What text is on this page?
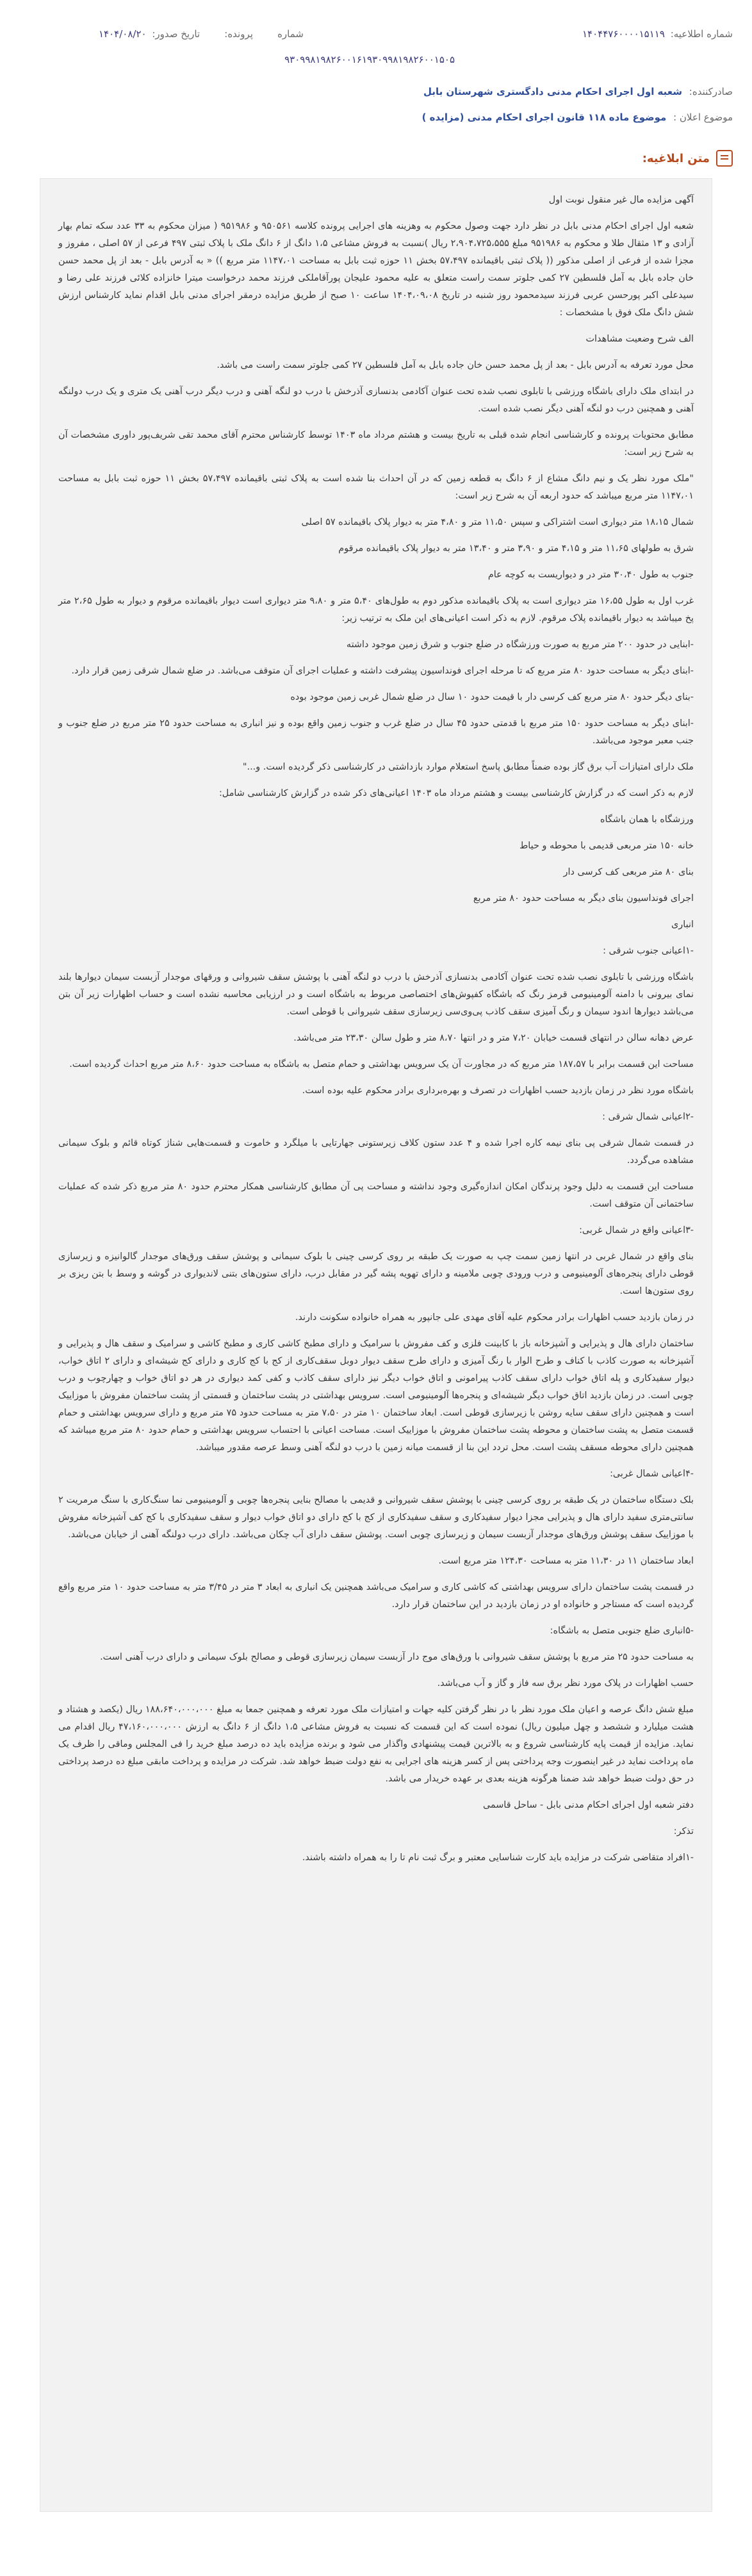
شماره اطلاعیه: ۱۴۰۴۴۷۶۰۰۰۰۱۵۱۱۹
شماره        پرونده:        تاریخ صدور: ۱۴۰۴/۰۸/۲۰
۹۳۰۹۹۸۱۹۸۲۶۰۰۱۶۱۹۳۰۹۹۸۱۹۸۲۶۰۰۱۵۰۵
صادرکننده: شعبه اول اجرای احکام مدنی دادگستری شهرستان بابل
موضوع اعلان : موضوع ماده ۱۱۸ قانون اجرای احکام مدنی (مزایده )
متن ابلاغیه:

آگهی مزایده مال غیر منقول نوبت اول

شعبه اول اجرای احکام مدنی بابل در نظر دارد جهت وصول محکوم به وهزینه های اجرایی پرونده کلاسه ۹۵۰۵۶۱ و ۹۵۱۹۸۶ ( میزان محکوم به ۳۳ عدد سکه تمام بهار آزادی و ۱۳ مثقال طلا و محکوم به ۹۵۱۹۸۶ مبلغ ۲،۹۰۴،۷۲۵،۵۵۵ ریال )نسبت به فروش مشاعی ۱،۵ دانگ از ۶ دانگ ملک با پلاک ثبتی ۴۹۷ فرعی از ۵۷ اصلی ، مفروز و مجزا شده از فرعی از اصلی مذکور (( پلاک ثبتی باقیمانده ۵۷،۴۹۷ بخش ۱۱ حوزه ثبت بابل به مساحت ۱۱۴۷،۰۱ متر مربع )) « به آدرس بابل - بعد از پل محمد حسن خان جاده بابل به آمل فلسطین ۲۷ کمی جلوتر سمت راست متعلق به علیه محمود علیجان پورآقاملکی فرزند محمد درخواست میترا خانزاده کلائی فرزند علی رضا و سیدعلی اکبر پورحسن عربی فرزند سیدمحمود روز شنبه در تاریخ ۱۴۰۴،۰۹،۰۸ ساعت ۱۰ صبح از طریق مزایده درمقر اجرای مدنی بابل اقدام نماید کارشناس ارزش شش دانگ ملک فوق با مشخصات :

الف شرح وضعیت مشاهدات

محل مورد تعرفه به آدرس بابل - بعد از پل محمد حسن خان جاده بابل به آمل فلسطین ۲۷ کمی جلوتر سمت راست می باشد.

در ابتدای ملک دارای باشگاه ورزشی با تابلوی نصب شده تحت عنوان آکادمی بدنسازی آذرخش با درب دو لنگه آهنی و درب دیگر درب آهنی یک متری و یک درب دولنگه آهنی و همچنین درب دو لنگه آهنی دیگر نصب شده است.

مطابق محتویات پرونده و کارشناسی انجام شده قبلی به تاریخ بیست و هشتم مرداد ماه ۱۴۰۳ توسط کارشناس محترم آقای محمد تقی شریف‌پور داوری مشخصات آن به شرح زیر است:

"ملک مورد نظر یک و نیم دانگ مشاع از ۶ دانگ به قطعه زمین که در آن احداث بنا شده است به پلاک ثبتی باقیمانده ۵۷،۴۹۷ بخش ۱۱ حوزه ثبت بابل به مساحت ۱۱۴۷،۰۱ متر مربع میباشد که حدود اربعه آن به شرح زیر است:

شمال ۱۸،۱۵ متر دیواری است اشتراکی و سپس ۱۱،۵۰ متر و ۴،۸۰ متر به دیوار پلاک باقیمانده ۵۷ اصلی

شرق به طولهای ۱۱،۶۵ متر و ۴،۱۵ متر و ۳،۹۰ متر و ۱۳،۴۰ متر به دیوار پلاک باقیمانده مرقوم

جنوب به طول ۳۰،۴۰ متر در و دیواریست به کوچه عام

غرب اول به طول ۱۶،۵۵ متر دیواری است به پلاک باقیمانده مذکور دوم به طول‌های ۵،۴۰ متر و ۹،۸۰ متر دیواری است دیوار باقیمانده مرقوم و دیوار به طول ۲،۶۵ متر پخ میباشد به دیوار باقیمانده پلاک مرقوم. لازم به ذکر است اعیانی‌های این ملک به ترتیب زیر:

-ابنایی در حدود ۲۰۰ متر مربع به صورت ورزشگاه در ضلع جنوب و شرق زمین موجود داشته

-ابنای دیگر به مساحت حدود ۸۰ متر مربع که تا مرحله اجرای فونداسیون پیشرفت داشته و عملیات اجرای آن متوقف می‌باشد. در ضلع شمال شرقی زمین قرار دارد.

-بنای دیگر حدود ۸۰ متر مربع کف کرسی دار با قیمت حدود ۱۰ سال در ضلع شمال غربی زمین موجود بوده

-ابنای دیگر به مساحت حدود ۱۵۰ متر مربع با قدمتی حدود ۴۵ سال در ضلع غرب و جنوب زمین واقع بوده و نیز انباری به مساحت حدود ۲۵ متر مربع در ضلع جنوب و جنب معبر موجود می‌باشد.

ملک دارای امتیازات آب برق گاز بوده ضمناً مطابق پاسخ استعلام موارد بازداشتی در کارشناسی ذکر گردیده است. و..."

لازم به ذکر است که در گزارش کارشناسی بیست و هشتم مرداد ماه ۱۴۰۳ اعیانی‌های ذکر شده در گزارش کارشناسی شامل:

ورزشگاه با همان باشگاه

خانه ۱۵۰ متر مربعی قدیمی با محوطه و حیاط

بنای ۸۰ متر مربعی کف کرسی دار

اجرای فونداسیون بنای دیگر به مساحت حدود ۸۰ متر مربع

انباری

-۱اعیانی جنوب شرقی :

باشگاه ورزشی با تابلوی نصب شده تحت عنوان آکادمی بدنسازی آذرخش با درب دو لنگه آهنی با پوشش سقف شیروانی و ورقهای موجدار آزبست سیمان دیوارها بلند نمای بیرونی با دامنه آلومینیومی قرمز رنگ که باشگاه کفپوش‌های اختصاصی مربوط به باشگاه است و در ارزیابی محاسبه نشده است و حساب اظهارات زیر آن بتن می‌باشد دیوارها اندود سیمان و رنگ آمیزی سقف کاذب پی‌وی‌سی زیرسازی سقف شیروانی با قوطی است.

عرض دهانه سالن در انتهای قسمت خیابان ۷،۲۰ متر و در انتها ۸،۷۰ متر و طول سالن ۲۳،۳۰ متر می‌باشد.

مساحت این قسمت برابر با ۱۸۷،۵۷ متر مربع که در مجاورت آن یک سرویس بهداشتی و حمام متصل به باشگاه به مساحت حدود ۸،۶۰ متر مربع احداث گردیده است.

باشگاه مورد نظر در زمان بازدید حسب اظهارات در تصرف و بهره‌برداری برادر محکوم علیه بوده است.

-۲اعیانی شمال شرقی :

در قسمت شمال شرقی پی بنای نیمه کاره اجرا شده و ۴ عدد ستون کلاف زیرستونی جهارتایی با میلگرد و خاموت و قسمت‌هایی شناژ کوتاه قائم و بلوک سیمانی مشاهده می‌گردد.

مساحت این قسمت به دلیل وجود پرندگان امکان اندازه‌گیری وجود نداشته و مساحت پی آن مطابق کارشناسی همکار محترم حدود ۸۰ متر مربع ذکر شده که عملیات ساختمانی آن متوقف است.

-۳اعیانی واقع در شمال غربی:

بنای واقع در شمال غربی در انتها زمین سمت چپ به صورت یک طبقه بر روی کرسی چینی با بلوک سیمانی و پوشش سقف ورق‌های موجدار گالوانیزه و زیرسازی قوطی دارای پنجره‌های آلومینیومی و درب ورودی چوبی ملامینه و دارای تهویه پشه گیر در مقابل درب، دارای ستون‌های بتنی لاندیواری در گوشه و وسط با بتن ریزی بر روی ستون‌ها است.

در زمان بازدید حسب اظهارات برادر محکوم علیه آقای مهدی علی جانپور به همراه خانواده سکونت دارند.

ساختمان دارای هال و پذیرایی و آشپزخانه باز با کابینت فلزی و کف مفروش با سرامیک و دارای مطبخ کاشی کاری و مطبخ کاشی و سرامیک و سقف هال و پذیرایی و آشپزخانه به صورت کاذب با کناف و طرح الوار با رنگ آمیزی و دارای طرح سقف دیوار دوبل سقف‌کاری از کج با کج کاری و دارای کج شیشه‌ای و دارای ۲ اتاق خواب، دیوار سفیدکاری و پله اتاق خواب دارای سقف کاذب پیرامونی و اتاق خواب دیگر نیز دارای سقف کاذب و کفی کمد دیواری در هر دو اتاق خواب و چهارچوب و درب چوبی است. در زمان بازدید اتاق خواب دیگر شیشه‌ای و پنجره‌ها آلومینیومی است. سرویس بهداشتی در پشت ساختمان و قسمتی از پشت ساختمان مفروش با موزاییک است و همچنین دارای سقف سایه روشن با زیرسازی قوطی است. ابعاد ساختمان ۱۰ متر در ۷،۵۰ متر به مساحت حدود ۷۵ متر مربع و دارای سرویس بهداشتی و حمام قسمت متصل به پشت ساختمان و محوطه پشت ساختمان مفروش با موزاییک است. مساحت اعیانی با احتساب سرویس بهداشتی و حمام حدود ۸۰ متر مربع میباشد که همچنین دارای محوطه مسقف پشت است. محل تردد این بنا از قسمت میانه زمین با درب دو لنگه آهنی وسط عرصه مقدور میباشد.

-۴اعیانی شمال غربی:

بلک دستگاه ساختمان در یک طبقه بر روی کرسی چینی با پوشش سقف شیروانی و قدیمی با مصالح بنایی پنجره‌ها چوبی و آلومینیومی نما سنگ‌کاری با سنگ مرمریت ۲ سانتی‌متری سفید دارای هال و پذیرایی مجزا دیوار سفیدکاری و سقف سفیدکاری از کج با کج دارای دو اتاق خواب دیوار و سقف سفیدکاری با کج کف آشپزخانه مفروش با موزاییک سقف پوشش ورق‌های موجدار آزبست سیمان و زیرسازی چوبی است. پوشش سقف دارای آب چکان می‌باشد. دارای درب دولنگه آهنی از خیابان می‌باشد.

ابعاد ساختمان ۱۱ در ۱۱،۳۰ متر به مساحت ۱۲۴،۳۰ متر مربع است.

در قسمت پشت ساختمان دارای سرویس بهداشتی که کاشی کاری و سرامیک می‌باشد همچنین یک انباری به ابعاد ۳ متر در ۳/۴۵ متر به مساحت حدود ۱۰ متر مربع واقع گردیده است که مستاجر و خانواده او در زمان بازدید در این ساختمان قرار دارد.

-۵انباری ضلع جنوبی متصل به باشگاه:

به مساحت حدود ۲۵ متر مربع با پوشش سقف شیروانی با ورق‌های موج دار آزبست سیمان زیرسازی قوطی و مصالح بلوک سیمانی و دارای درب آهنی است.

حسب اظهارات در پلاک مورد نظر برق سه فاز و گاز و آب می‌باشد.

مبلغ شش دانگ عرصه و اعیان ملک مورد نظر با در نظر گرفتن کلیه جهات و امتیازات ملک مورد تعرفه و همچنین جمعا به مبلغ ۱۸۸،۶۴۰،۰۰۰،۰۰۰ ریال (یکصد و هشتاد و هشت میلیارد و ششصد و چهل میلیون ریال) نموده است که این قسمت که نسبت به فروش مشاعی ۱،۵ دانگ از ۶ دانگ به ارزش ۴۷،۱۶۰،۰۰۰،۰۰۰ ریال اقدام می نماید. مزایده از قیمت پایه کارشناسی شروع و به بالاترین قیمت پیشنهادی واگذار می شود و برنده مزایده باید ده درصد مبلغ خرید را فی المجلس وماقی را ظرف یک ماه پرداخت نماید در غیر اینصورت وجه پرداختی پس از کسر هزینه های اجرایی به نفع دولت ضبط خواهد شد. شرکت در مزایده و پرداخت مابقی مبلغ ده درصد پرداختی در حق دولت ضبط خواهد شد ضمنا هرگونه هزینه بعدی بر عهده خریدار می باشد.

دفتر شعبه اول اجرای احکام مدنی بابل - ساحل قاسمی

تذکر:

-۱افراد متقاضی شرکت در مزایده باید کارت شناسایی معتبر و برگ ثبت نام تا را به همراه داشته باشند.
